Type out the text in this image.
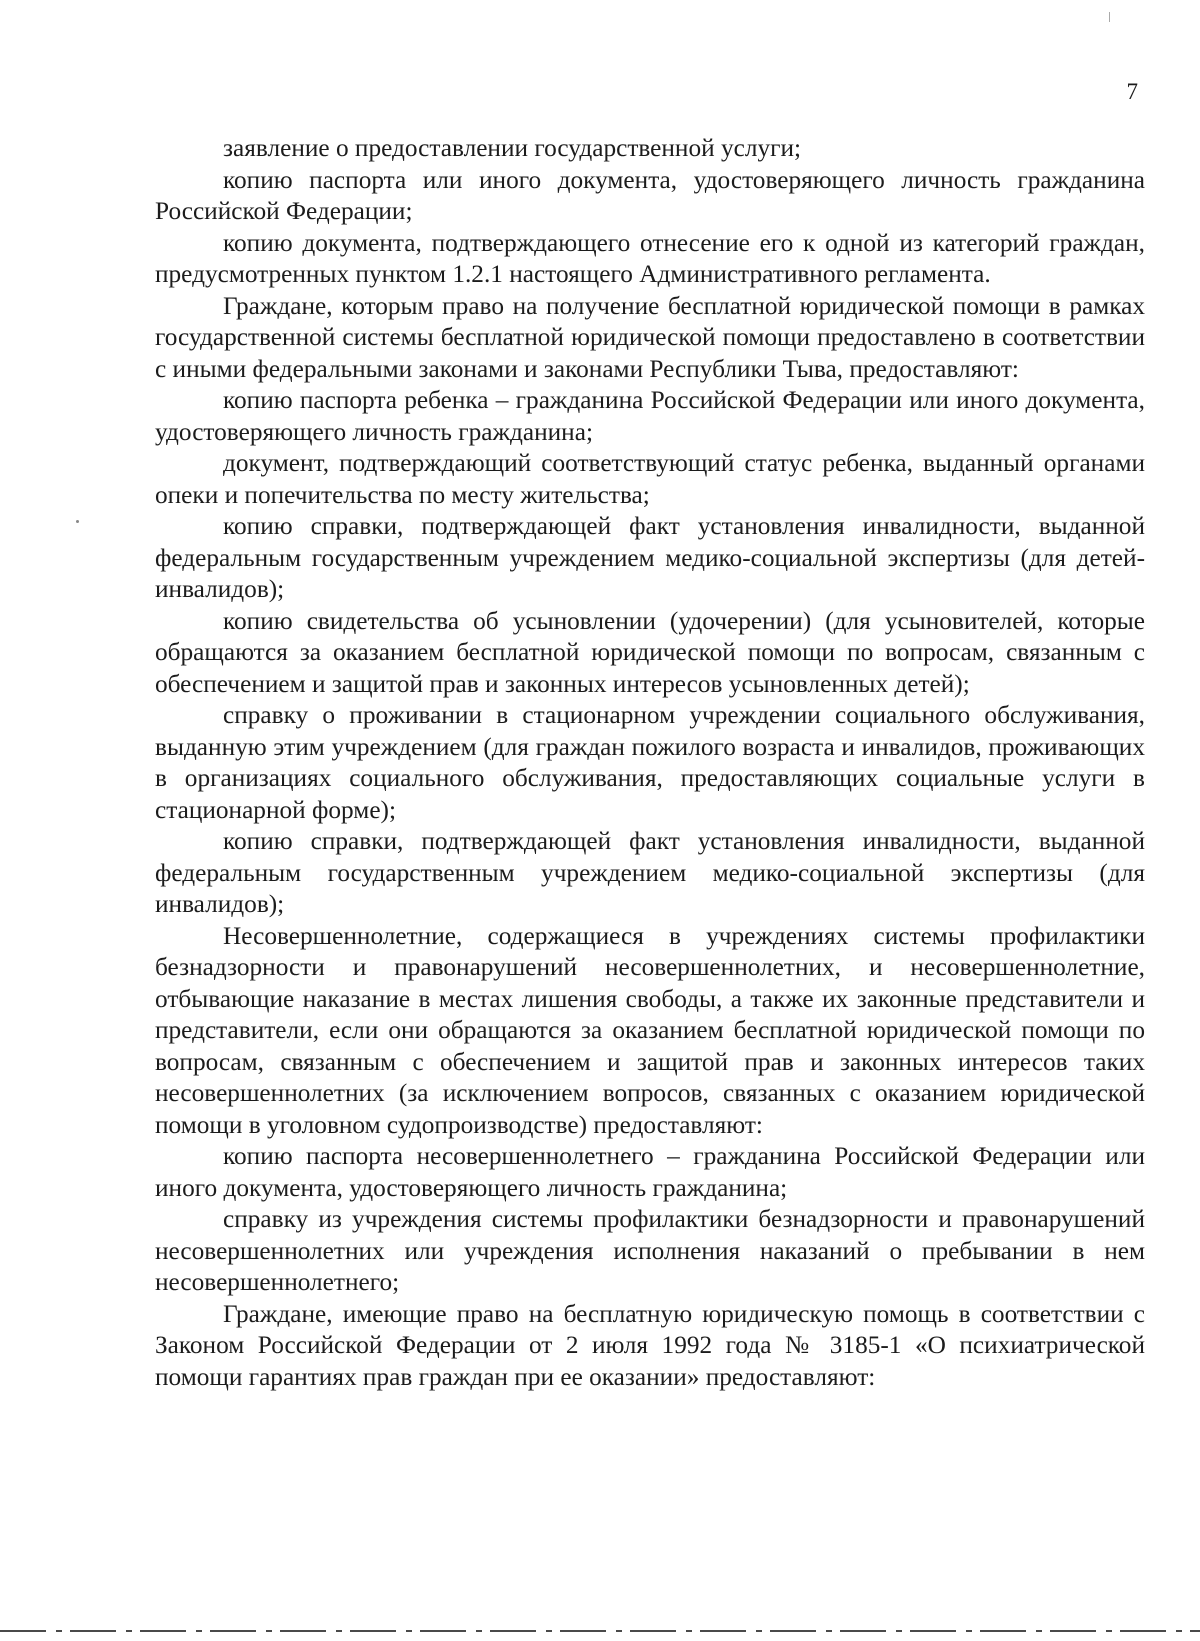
7

заявление о предоставлении государственной услуги;

копию паспорта или иного документа, удостоверяющего личность гражданина Российской Федерации;

копию документа, подтверждающего отнесение его к одной из категорий граждан, предусмотренных пунктом 1.2.1 настоящего Административного регламента.

Граждане, которым право на получение бесплатной юридической помощи в рамках государственной системы бесплатной юридической помощи предоставлено в соответствии с иными федеральными законами и законами Республики Тыва, предоставляют:

копию паспорта ребенка – гражданина Российской Федерации или иного документа, удостоверяющего личность гражданина;

документ, подтверждающий соответствующий статус ребенка, выданный органами опеки и попечительства по месту жительства;

копию справки, подтверждающей факт установления инвалидности, выданной федеральным государственным учреждением медико-социальной экспертизы (для детей-инвалидов);

копию свидетельства об усыновлении (удочерении) (для усыновителей, которые обращаются за оказанием бесплатной юридической помощи по вопросам, связанным с обеспечением и защитой прав и законных интересов усыновленных детей);

справку о проживании в стационарном учреждении социального обслуживания, выданную этим учреждением (для граждан пожилого возраста и инвалидов, проживающих в организациях социального обслуживания, предоставляющих социальные услуги в стационарной форме);

копию справки, подтверждающей факт установления инвалидности, выданной федеральным государственным учреждением медико-социальной экспертизы (для инвалидов);

Несовершеннолетние, содержащиеся в учреждениях системы профилактики безнадзорности и правонарушений несовершеннолетних, и несовершеннолетние, отбывающие наказание в местах лишения свободы, а также их законные представители и представители, если они обращаются за оказанием бесплатной юридической помощи по вопросам, связанным с обеспечением и защитой прав и законных интересов таких несовершеннолетних (за исключением вопросов, связанных с оказанием юридической помощи в уголовном судопроизводстве) предоставляют:

копию паспорта несовершеннолетнего – гражданина Российской Федерации или иного документа, удостоверяющего личность гражданина;

справку из учреждения системы профилактики безнадзорности и правонарушений несовершеннолетних или учреждения исполнения наказаний о пребывании в нем несовершеннолетнего;

Граждане, имеющие право на бесплатную юридическую помощь в соответствии с Законом Российской Федерации от 2 июля 1992 года № 3185-1 «О психиатрической помощи гарантиях прав граждан при ее оказании» предоставляют:
